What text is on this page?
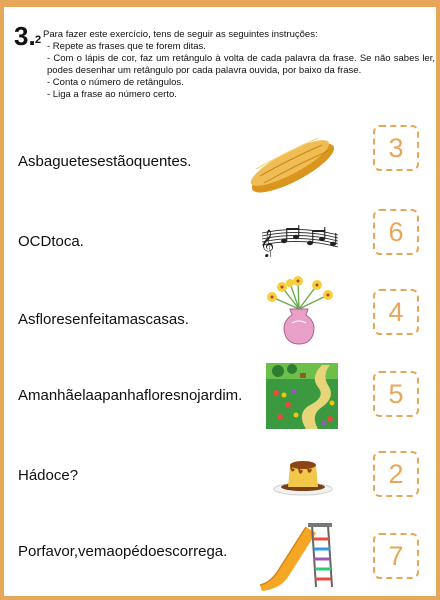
3. 2 Para fazer este exercício, tens de seguir as seguintes instruções:
- Repete as frases que te forem ditas.
- Com o lápis de cor, faz um retângulo à volta de cada palavra da frase. Se não sabes ler, podes desenhar um retângulo por cada palavra ouvida, por baixo da frase.
- Conta o número de retângulos.
- Liga a frase ao número certo.
Asbaguetesestãoquentes.	3
OCDtoca.	𝄞	6
Asfloresenfeitamascasas.	4
Amanhãelaapanhafloresnojardim.	5
Hádoce?	2
Porfavor,vemaopédoescorrega.	7
